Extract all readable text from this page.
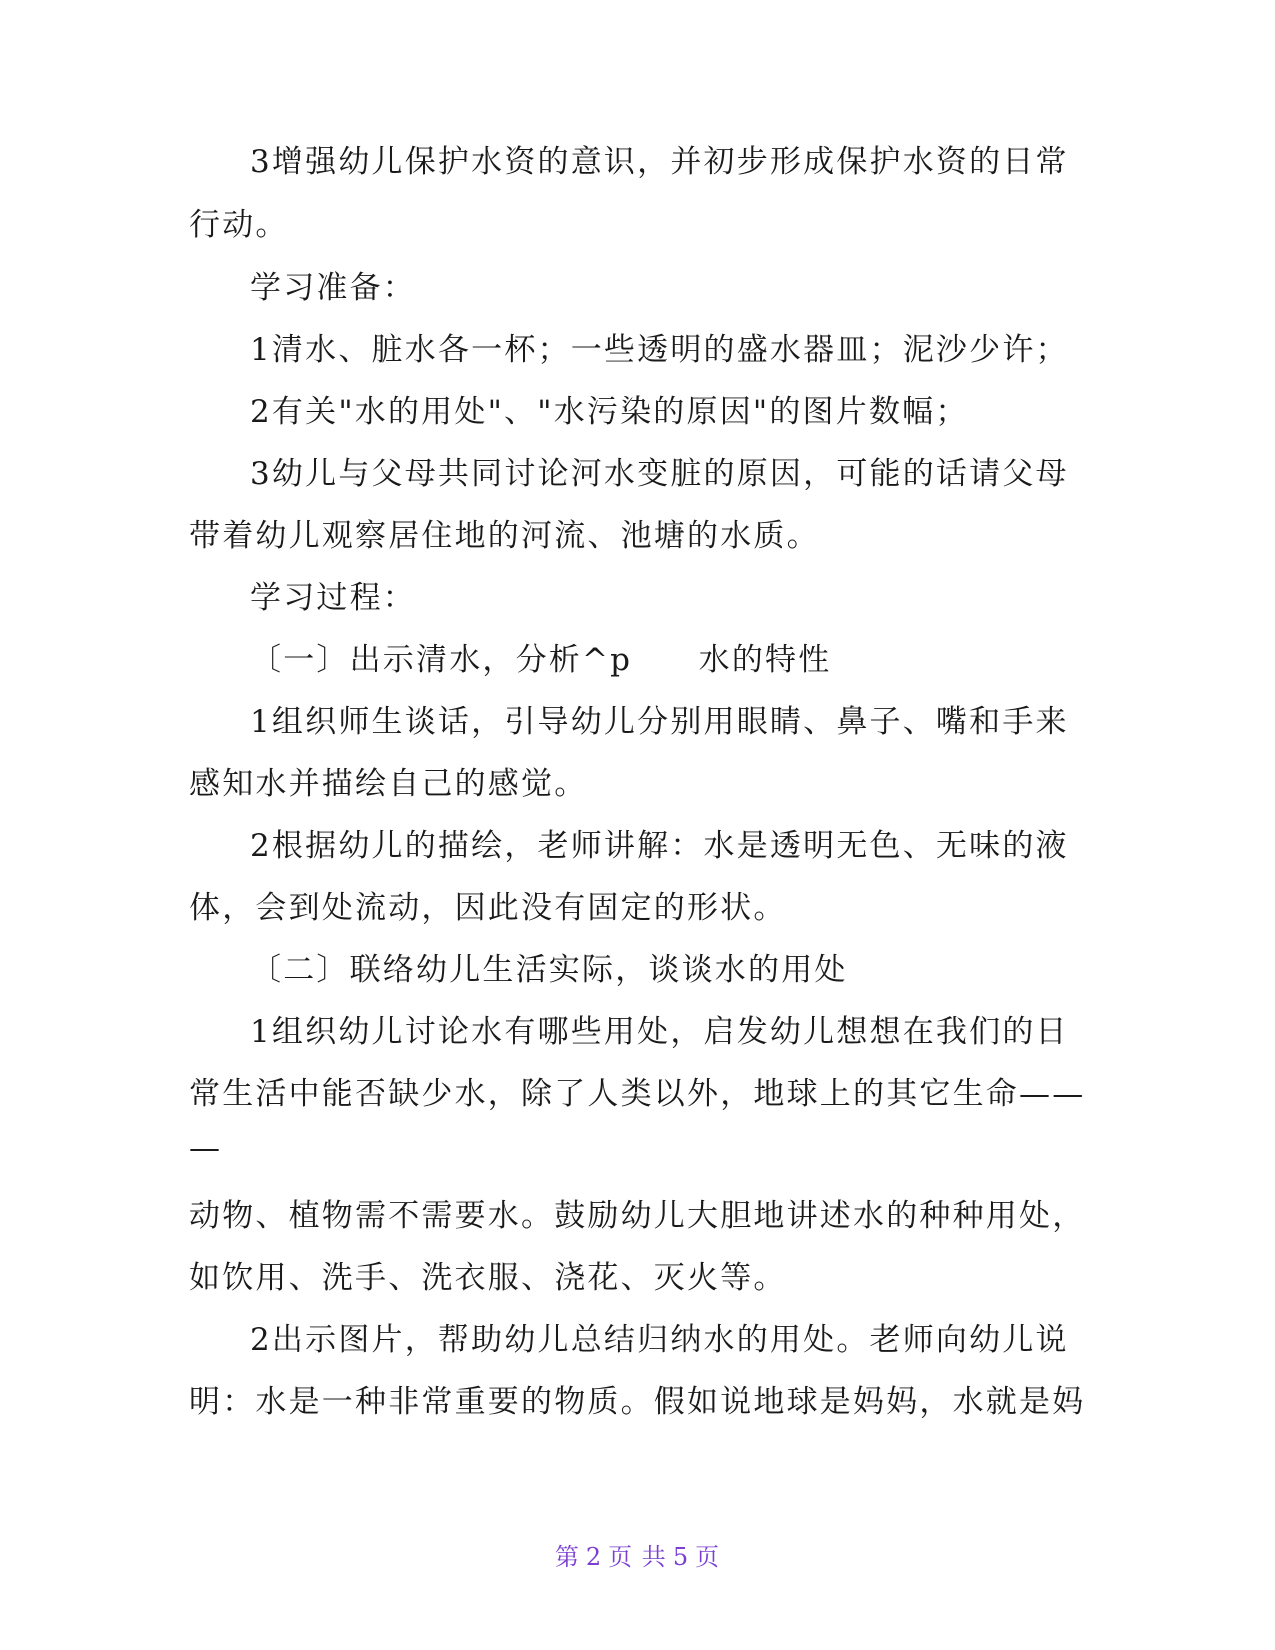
3增强幼儿保护水资的意识，并初步形成保护水资的日常
行动。
学习准备：
1清水、脏水各一杯；一些透明的盛水器皿；泥沙少许；
2有关"水的用处"、"水污染的原因"的图片数幅；
3幼儿与父母共同讨论河水变脏的原因，可能的话请父母
带着幼儿观察居住地的河流、池塘的水质。
学习过程：
〔一〕出示清水，分析^p　　水的特性
1组织师生谈话，引导幼儿分别用眼睛、鼻子、嘴和手来
感知水并描绘自己的感觉。
2根据幼儿的描绘，老师讲解：水是透明无色、无味的液
体，会到处流动，因此没有固定的形状。
〔二〕联络幼儿生活实际，谈谈水的用处
1组织幼儿讨论水有哪些用处，启发幼儿想想在我们的日
常生活中能否缺少水，除了人类以外，地球上的其它生命——
—
动物、植物需不需要水。鼓励幼儿大胆地讲述水的种种用处，
如饮用、洗手、洗衣服、浇花、灭火等。
2出示图片，帮助幼儿总结归纳水的用处。老师向幼儿说
明：水是一种非常重要的物质。假如说地球是妈妈，水就是妈
第 2 页 共 5 页
